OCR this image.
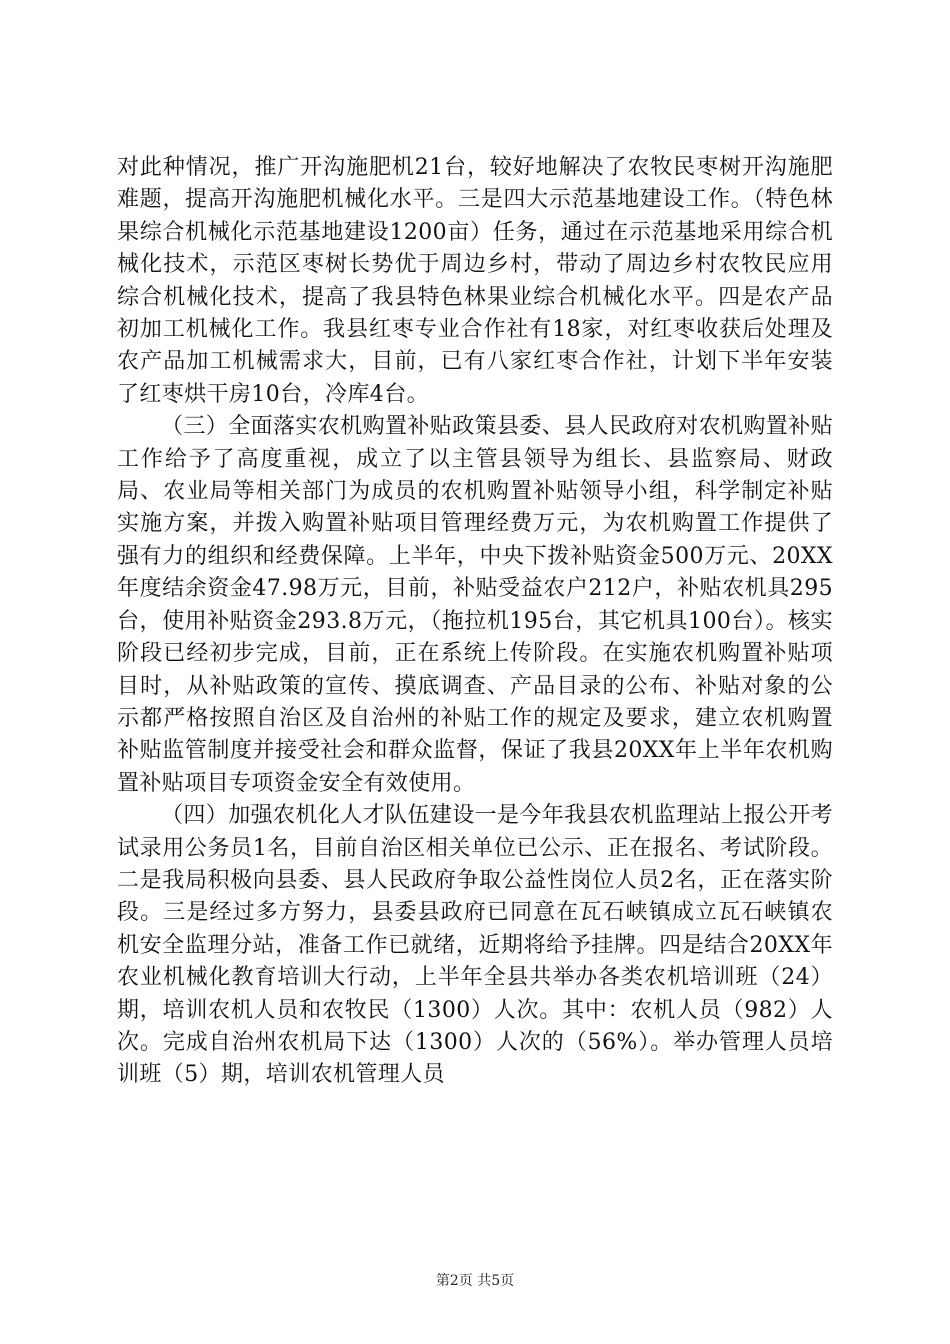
对此种情况，推广开沟施肥机21台，较好地解决了农牧民枣树开沟施肥难题，提高开沟施肥机械化水平。三是四大示范基地建设工作。（特色林果综合机械化示范基地建设1200亩）任务，通过在示范基地采用综合机械化技术，示范区枣树长势优于周边乡村，带动了周边乡村农牧民应用综合机械化技术，提高了我县特色林果业综合机械化水平。四是农产品初加工机械化工作。我县红枣专业合作社有18家，对红枣收获后处理及农产品加工机械需求大，目前，已有八家红枣合作社，计划下半年安装了红枣烘干房10台，冷库4台。

（三）全面落实农机购置补贴政策县委、县人民政府对农机购置补贴工作给予了高度重视，成立了以主管县领导为组长、县监察局、财政局、农业局等相关部门为成员的农机购置补贴领导小组，科学制定补贴实施方案，并拨入购置补贴项目管理经费万元，为农机购置工作提供了强有力的组织和经费保障。上半年，中央下拨补贴资金500万元、20XX年度结余资金47.98万元，目前，补贴受益农户212户，补贴农机具295台，使用补贴资金293.8万元，（拖拉机195台，其它机具100台）。核实阶段已经初步完成，目前，正在系统上传阶段。在实施农机购置补贴项目时，从补贴政策的宣传、摸底调查、产品目录的公布、补贴对象的公示都严格按照自治区及自治州的补贴工作的规定及要求，建立农机购置补贴监管制度并接受社会和群众监督，保证了我县20XX年上半年农机购置补贴项目专项资金安全有效使用。

（四）加强农机化人才队伍建设一是今年我县农机监理站上报公开考试录用公务员1名，目前自治区相关单位已公示、正在报名、考试阶段。二是我局积极向县委、县人民政府争取公益性岗位人员2名，正在落实阶段。三是经过多方努力，县委县政府已同意在瓦石峡镇成立瓦石峡镇农机安全监理分站，准备工作已就绪，近期将给予挂牌。四是结合20XX年农业机械化教育培训大行动，上半年全县共举办各类农机培训班（24）期，培训农机人员和农牧民（1300）人次。其中：农机人员（982）人次。完成自治州农机局下达（1300）人次的（56%）。举办管理人员培训班（5）期，培训农机管理人员

第2页 共5页
